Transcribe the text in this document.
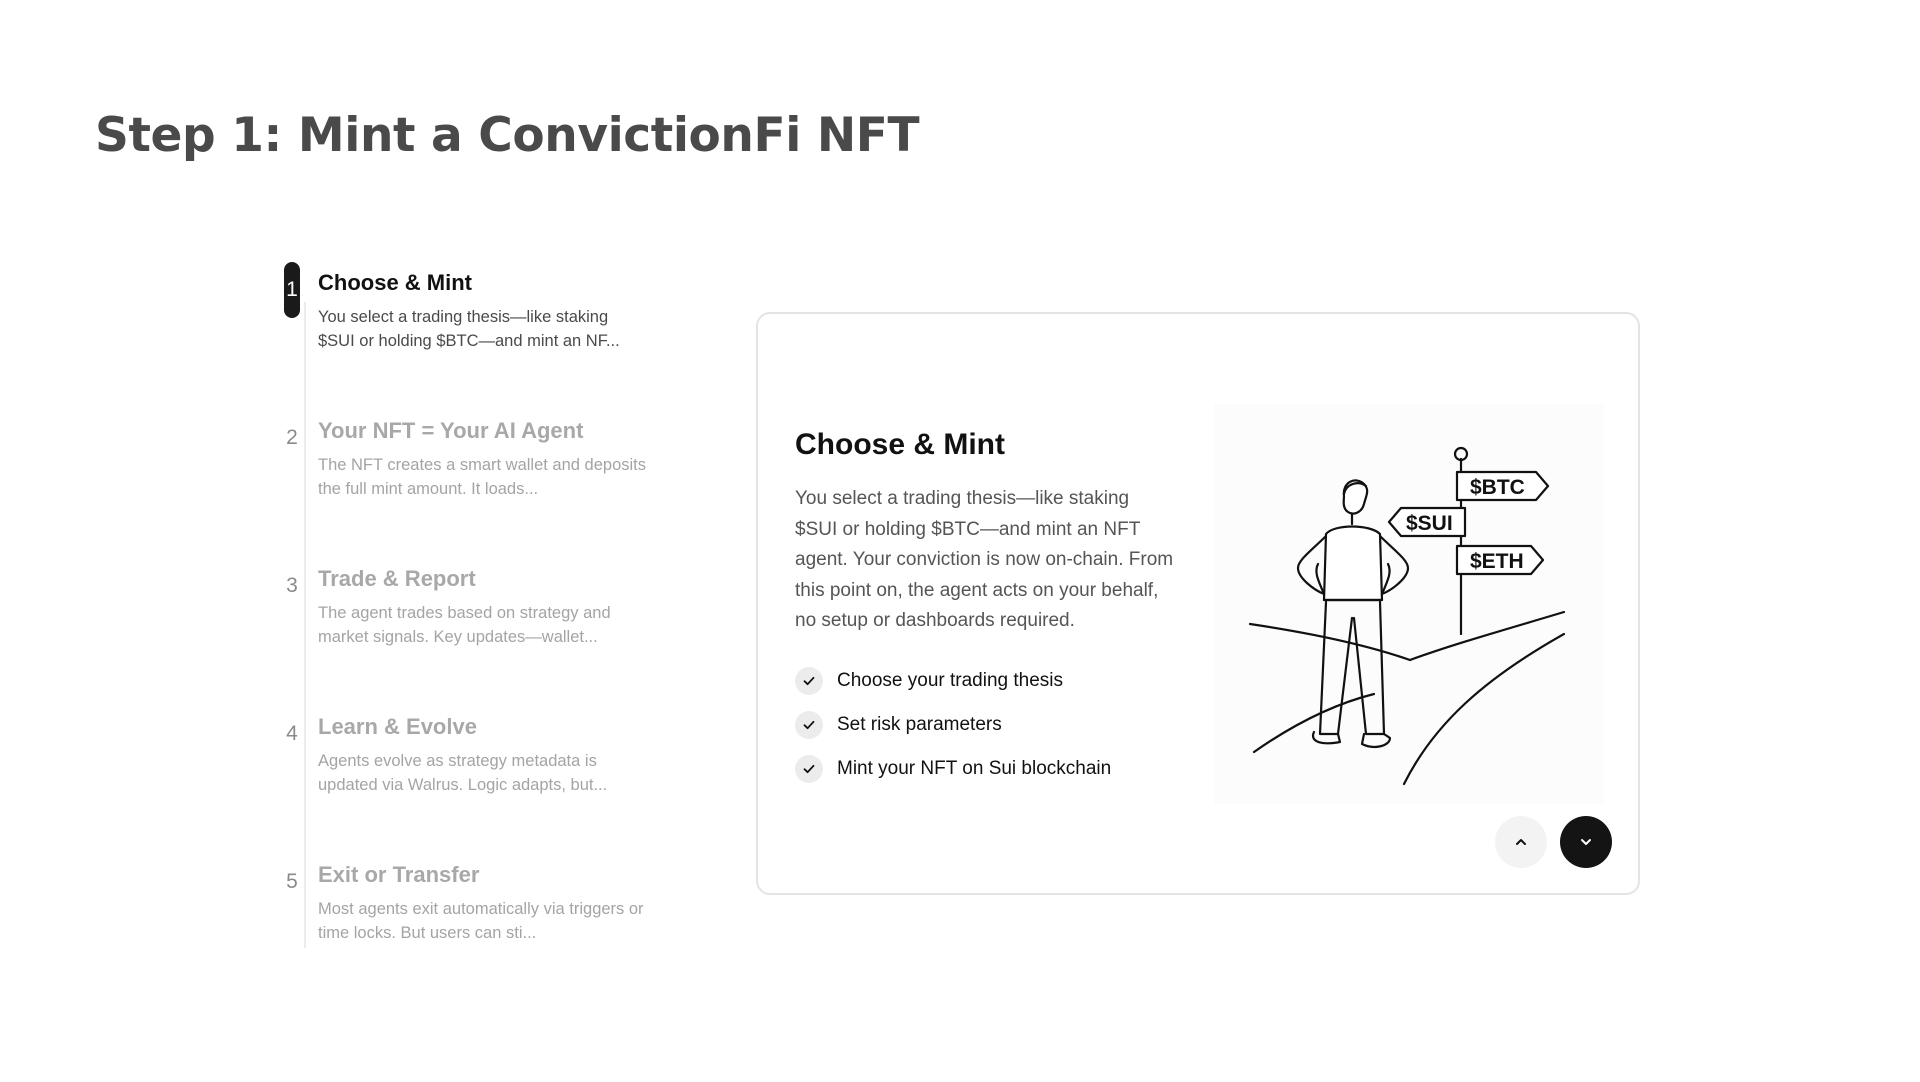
Step 1: Mint a ConvictionFi NFT
1 Choose & Mint
You select a trading thesis—like staking $SUI or holding $BTC—and mint an NF...
2 Your NFT = Your AI Agent
The NFT creates a smart wallet and deposits the full mint amount. It loads...
3 Trade & Report
The agent trades based on strategy and market signals. Key updates—wallet...
4 Learn & Evolve
Agents evolve as strategy metadata is updated via Walrus. Logic adapts, but...
5 Exit or Transfer
Most agents exit automatically via triggers or time locks. But users can sti...
Choose & Mint
You select a trading thesis—like staking $SUI or holding $BTC—and mint an NFT agent. Your conviction is now on-chain. From this point on, the agent acts on your behalf, no setup or dashboards required.
Choose your trading thesis
Set risk parameters
Mint your NFT on Sui blockchain
$BTC
$SUI
$ETH
